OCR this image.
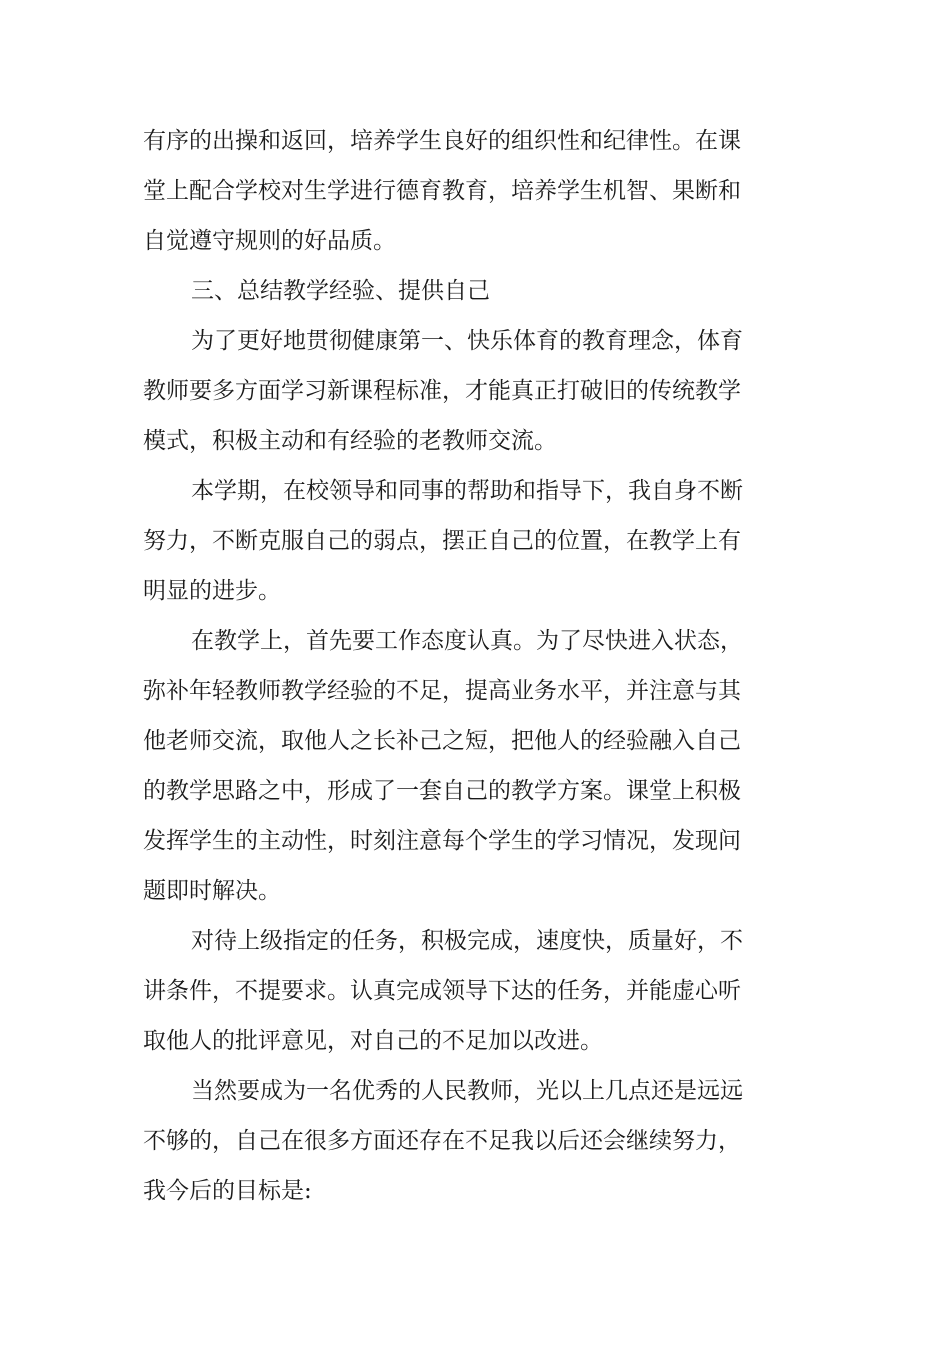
有序的出操和返回，培养学生良好的组织性和纪律性。在课
堂上配合学校对生学进行德育教育，培养学生机智、果断和
自觉遵守规则的好品质。
三、总结教学经验、提供自己
为了更好地贯彻健康第一、快乐体育的教育理念，体育
教师要多方面学习新课程标准，才能真正打破旧的传统教学
模式，积极主动和有经验的老教师交流。
本学期，在校领导和同事的帮助和指导下，我自身不断
努力，不断克服自己的弱点，摆正自己的位置，在教学上有
明显的进步。
在教学上，首先要工作态度认真。为了尽快进入状态，
弥补年轻教师教学经验的不足，提高业务水平，并注意与其
他老师交流，取他人之长补己之短，把他人的经验融入自己
的教学思路之中，形成了一套自己的教学方案。课堂上积极
发挥学生的主动性，时刻注意每个学生的学习情况，发现问
题即时解决。
对待上级指定的任务，积极完成，速度快，质量好，不
讲条件，不提要求。认真完成领导下达的任务，并能虚心听
取他人的批评意见，对自己的不足加以改进。
当然要成为一名优秀的人民教师，光以上几点还是远远
不够的，自己在很多方面还存在不足我以后还会继续努力，
我今后的目标是:
